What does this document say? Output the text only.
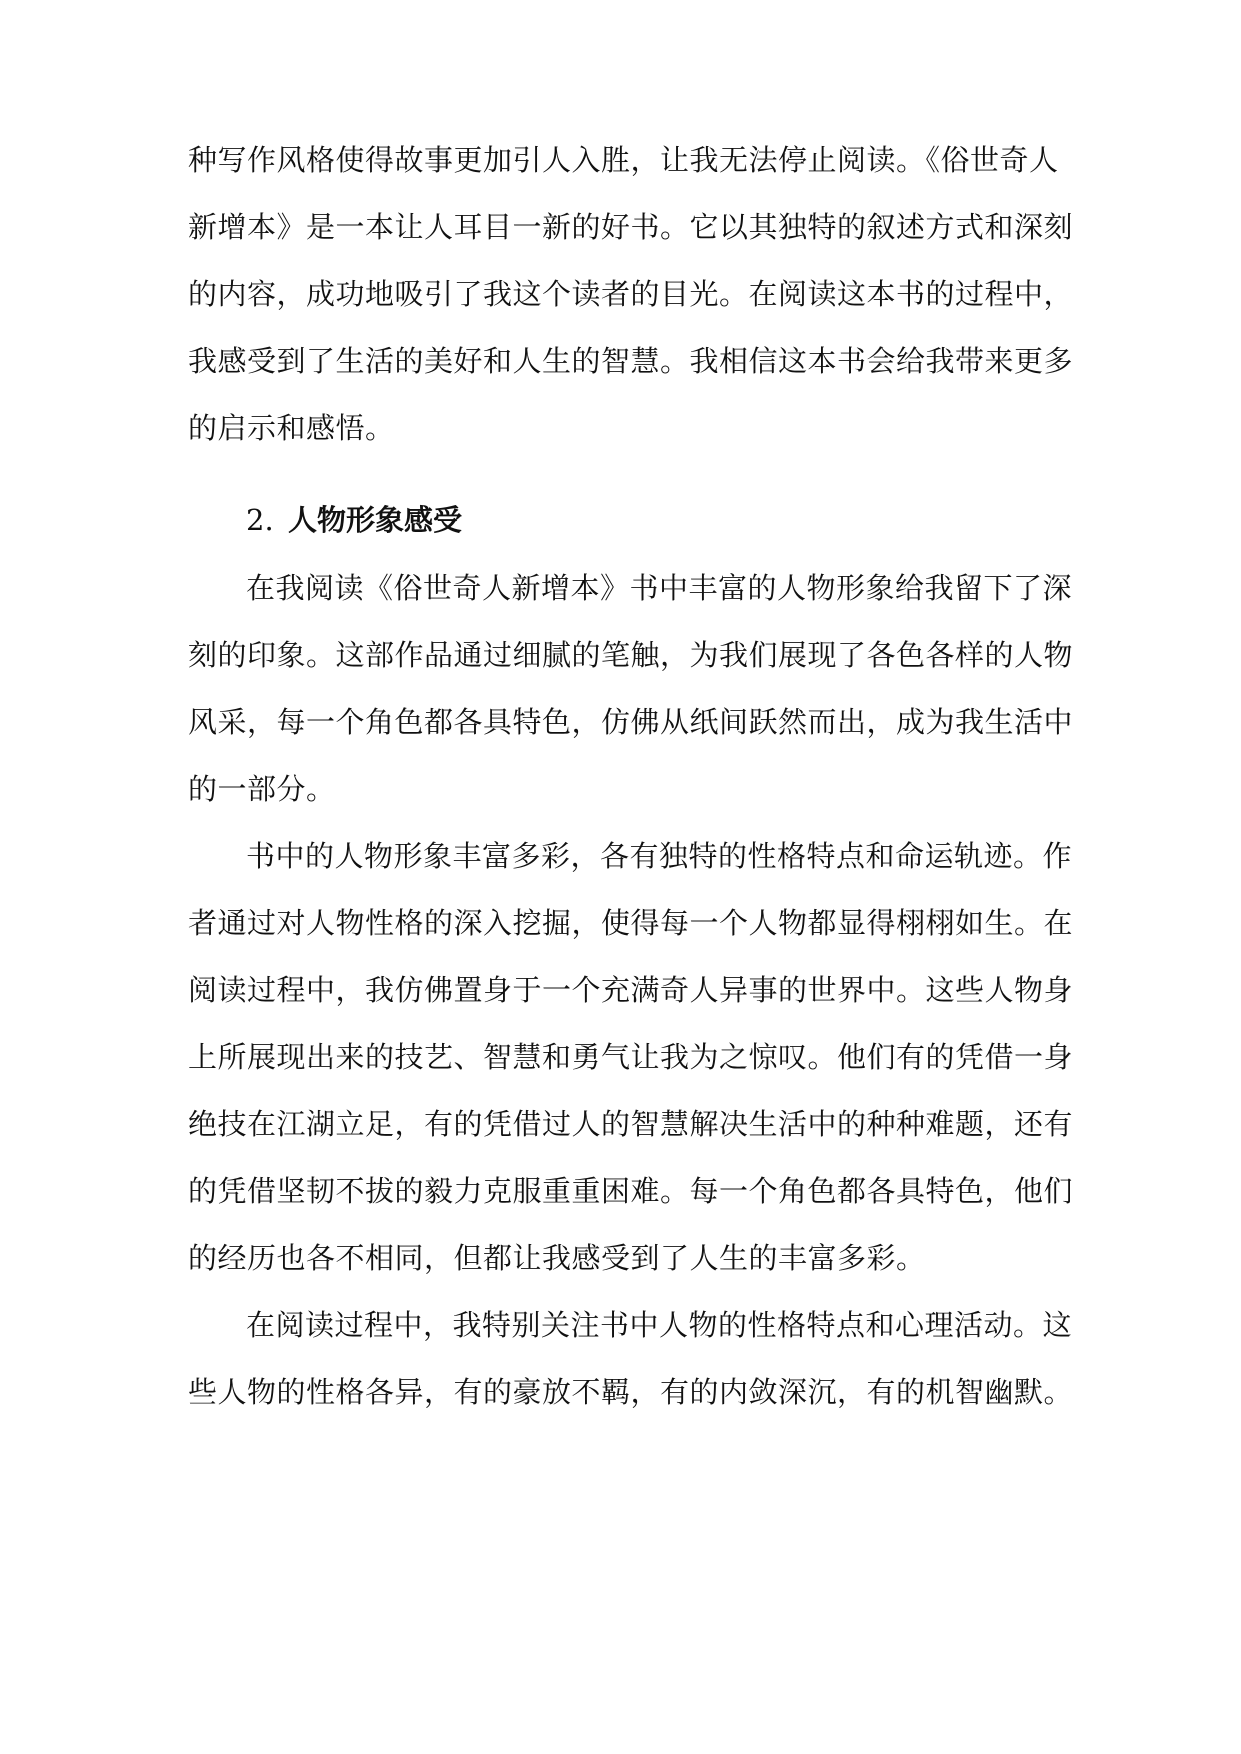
种写作风格使得故事更加引人入胜，让我无法停止阅读。《俗世奇人
新增本》是一本让人耳目一新的好书。它以其独特的叙述方式和深刻
的内容，成功地吸引了我这个读者的目光。在阅读这本书的过程中，
我感受到了生活的美好和人生的智慧。我相信这本书会给我带来更多
的启示和感悟。
2. 人物形象感受
在我阅读《俗世奇人新增本》书中丰富的人物形象给我留下了深
刻的印象。这部作品通过细腻的笔触，为我们展现了各色各样的人物
风采，每一个角色都各具特色，仿佛从纸间跃然而出，成为我生活中
的一部分。
书中的人物形象丰富多彩，各有独特的性格特点和命运轨迹。作
者通过对人物性格的深入挖掘，使得每一个人物都显得栩栩如生。在
阅读过程中，我仿佛置身于一个充满奇人异事的世界中。这些人物身
上所展现出来的技艺、智慧和勇气让我为之惊叹。他们有的凭借一身
绝技在江湖立足，有的凭借过人的智慧解决生活中的种种难题，还有
的凭借坚韧不拔的毅力克服重重困难。每一个角色都各具特色，他们
的经历也各不相同，但都让我感受到了人生的丰富多彩。
在阅读过程中，我特别关注书中人物的性格特点和心理活动。这
些人物的性格各异，有的豪放不羁，有的内敛深沉，有的机智幽默。
